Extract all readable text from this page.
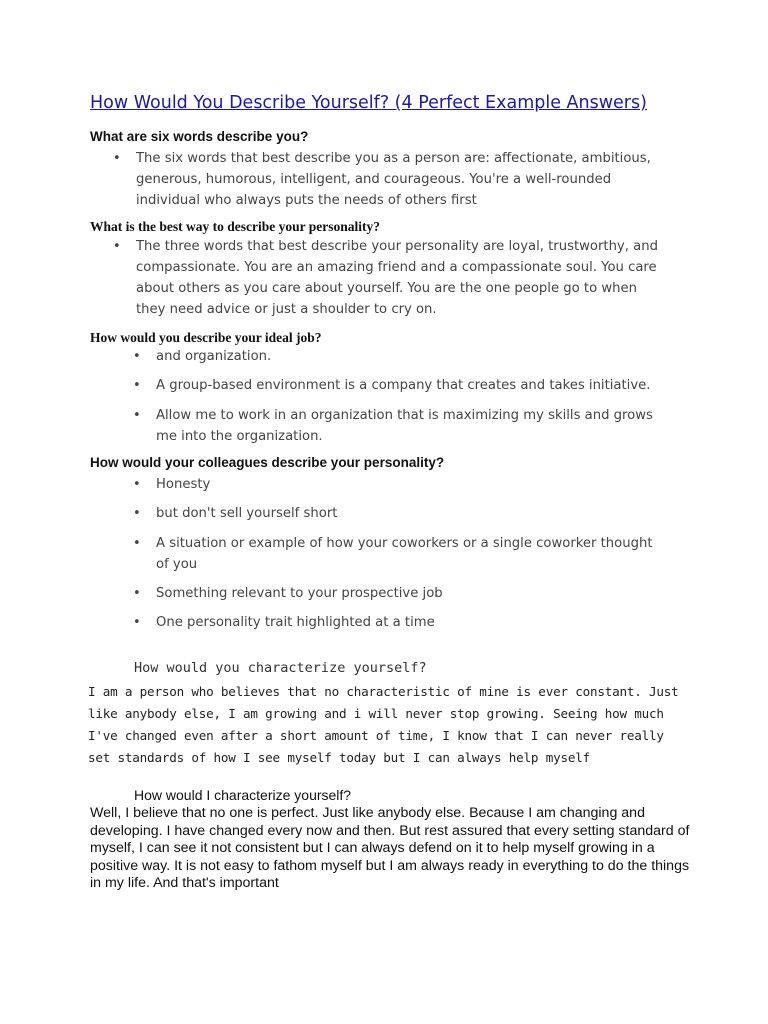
How Would You Describe Yourself? (4 Perfect Example Answers)
What are six words describe you?
• The six words that best describe you as a person are: affectionate, ambitious, generous, humorous, intelligent, and courageous. You're a well-rounded individual who always puts the needs of others first
What is the best way to describe your personality?
• The three words that best describe your personality are loyal, trustworthy, and compassionate. You are an amazing friend and a compassionate soul. You care about others as you care about yourself. You are the one people go to when they need advice or just a shoulder to cry on.
How would you describe your ideal job?
• and organization.
• A group-based environment is a company that creates and takes initiative.
• Allow me to work in an organization that is maximizing my skills and grows me into the organization.
How would your colleagues describe your personality?
• Honesty
• but don't sell yourself short
• A situation or example of how your coworkers or a single coworker thought of you
• Something relevant to your prospective job
• One personality trait highlighted at a time
How would you characterize yourself?

I am a person who believes that no characteristic of mine is ever constant. Just like anybody else, I am growing and i will never stop growing. Seeing how much I've changed even after a short amount of time, I know that I can never really set standards of how I see myself today but I can always help myself

How would I characterize yourself?

Well, I believe that no one is perfect. Just like anybody else. Because I am changing and developing. I have changed every now and then. But rest assured that every setting standard of myself, I can see it not consistent but I can always defend on it to help myself growing in a positive way. It is not easy to fathom myself but I am always ready in everything to do the things in my life. And that's important
